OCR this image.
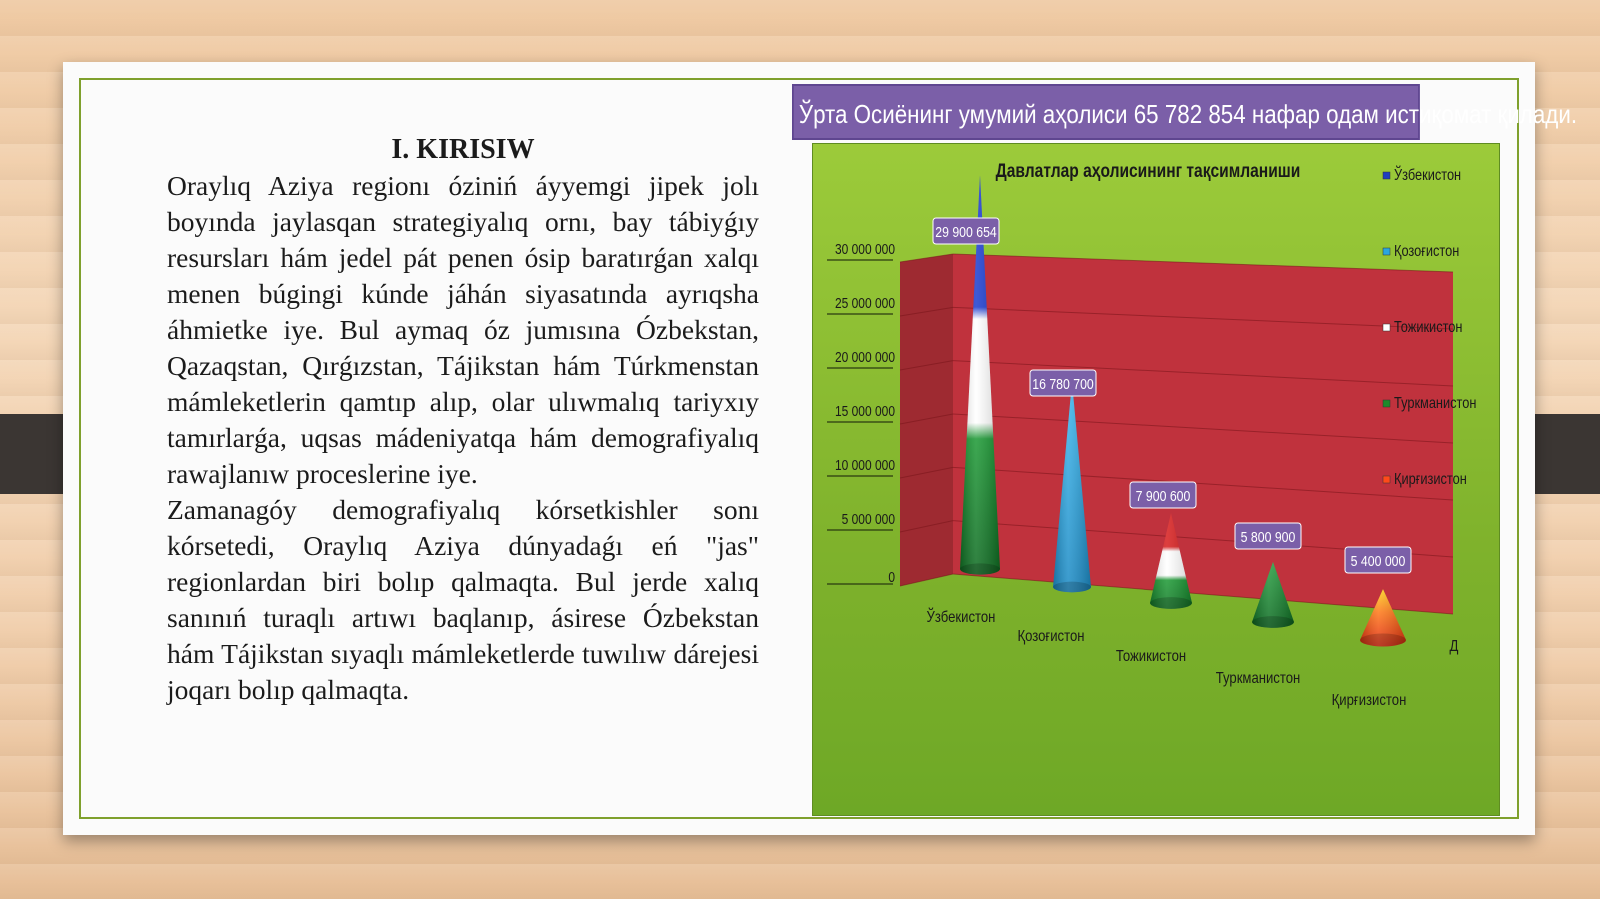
I. KIRISIW

Oraylıq Aziya regionı óziniń áyyemgi jipek jolı boyında jaylasqan strategiyalıq ornı, bay tábiyǵıy resursları hám jedel pát penen ósip baratırǵan xalqı menen búgingi kúnde jáhán siyasatında ayrıqsha áhmietke iye. Bul aymaq óz jumısına Ózbekstan, Qazaqstan, Qırǵızstan, Tájikstan hám Túrkmenstan mámleketlerin qamtıp alıp, olar ulıwmalıq tariyxıy tamırlarǵa, uqsas mádeniyatqa hám demografiyalıq rawajlanıw proceslerine iye.

Zamanagóy demografiyalıq kórsetkishler sonı kórsetedi, Oraylıq Aziya dúnyadaǵı eń "jas" regionlardan biri bolıp qalmaqta. Bul jerde xalıq sanınıń turaqlı artıwı baqlanıp, ásirese Ózbekstan hám Tájikstan sıyaqlı mámleketlerde tuwılıw dárejesi joqarı bolıp qalmaqta.

Ўрта Осиёнинг умумий аҳолиси 65 782 854 нафар одам истиқомат қилади.
0
5 000 000
10 000 000
15 000 000
20 000 000
25 000 000
30 000 000
Давлатлар аҳолисининг тақсимланиши	Ўзбекистон
Қозоғистон
Тожикистон
Туркманистон
Қирғизистон
29 900 654
Ўзбекистон
16 780 700
Қозоғистон
7 900 600
Тожикистон
5 800 900
Туркманистон
5 400 000
Қирғизистон
Д
